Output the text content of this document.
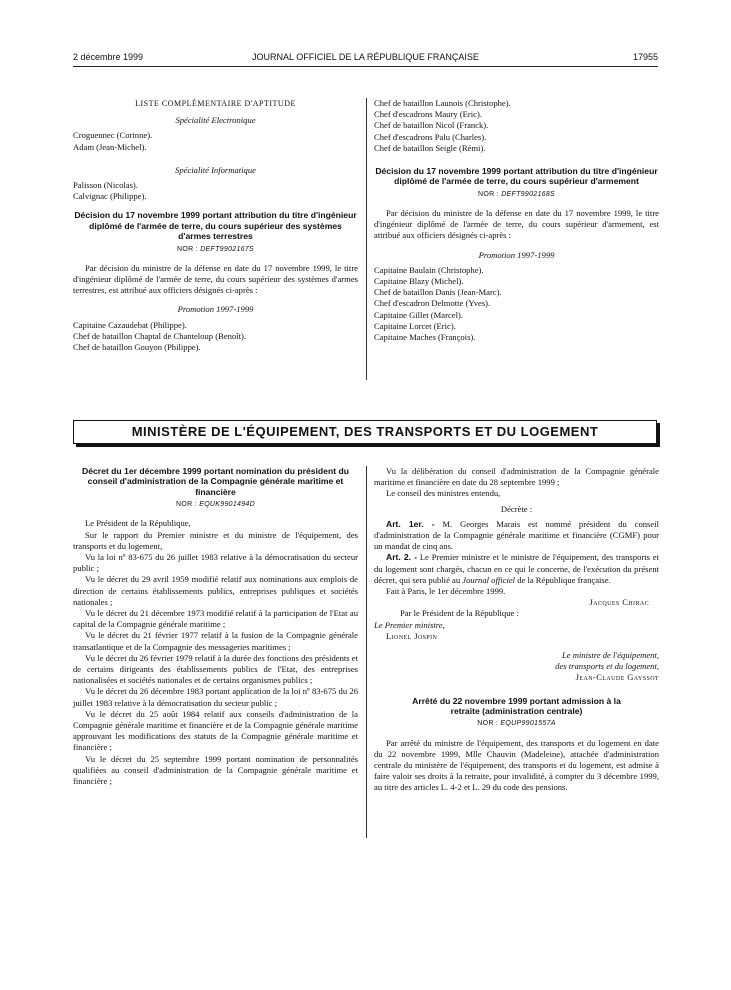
2 décembre 1999	JOURNAL OFFICIEL DE LA RÉPUBLIQUE FRANÇAISE	17955
LISTE COMPLÉMENTAIRE D'APTITUDE
Spécialité Electronique
Croguennec (Corinne).
Adam (Jean-Michel).
Spécialité Informatique
Palisson (Nicolas).
Calvignac (Philippe).
Décision du 17 novembre 1999 portant attribution du titre d'ingénieur diplômé de l'armée de terre, du cours supérieur des systèmes d'armes terrestres
NOR : DEFT9902167S

Par décision du ministre de la défense en date du 17 novembre 1999, le titre d'ingénieur diplômé de l'armée de terre, du cours supérieur des systèmes d'armes terrestres, est attribué aux officiers désignés ci-après :

Promotion 1997-1999
Capitaine Cazaudebat (Philippe).
Chef de bataillon Chaptal de Chanteloup (Benoît).
Chef de bataillon Gouyon (Philippe).
Chef de bataillon Launois (Christophe).
Chef d'escadrons Maury (Eric).
Chef de bataillon Nicol (Franck).
Chef d'escadrons Palu (Charles).
Chef de bataillon Seigle (Rémi).
Décision du 17 novembre 1999 portant attribution du titre d'ingénieur diplômé de l'armée de terre, du cours supérieur d'armement
NOR : DEFT9902168S

Par décision du ministre de la défense en date du 17 novembre 1999, le titre d'ingénieur diplômé de l'armée de terre, du cours supérieur d'armement, est attribué aux officiers désignés ci-après :

Promotion 1997-1999
Capitaine Baulain (Christophe).
Capitaine Blazy (Michel).
Chef de bataillon Danis (Jean-Marc).
Chef d'escadron Delmotte (Yves).
Capitaine Gillet (Marcel).
Capitaine Lorcet (Eric).
Capitaine Maches (François).
MINISTÈRE DE L'ÉQUIPEMENT, DES TRANSPORTS ET DU LOGEMENT
Décret du 1er décembre 1999 portant nomination du président du conseil d'administration de la Compagnie générale maritime et financière
NOR : EQUK9901494D

Le Président de la République,

Sur le rapport du Premier ministre et du ministre de l'équipement, des transports et du logement,

Vu la loi nº 83-675 du 26 juillet 1983 relative à la démocratisation du secteur public ;

Vu le décret du 29 avril 1959 modifié relatif aux nominations aux emplois de direction de certains établissements publics, entreprises publiques et sociétés nationales ;

Vu le décret du 21 décembre 1973 modifié relatif à la participation de l'Etat au capital de la Compagnie générale maritime ;

Vu le décret du 21 février 1977 relatif à la fusion de la Compagnie générale transatlantique et de la Compagnie des messageries maritimes ;

Vu le décret du 26 février 1979 relatif à la durée des fonctions des présidents et de certains dirigeants des établissements publics de l'Etat, des entreprises nationalisées et sociétés nationales et de certains organismes publics ;

Vu le décret du 26 décembre 1983 portant application de la loi nº 83-675 du 26 juillet 1983 relative à la démocratisation du secteur public ;

Vu le décret du 25 août 1984 relatif aux conseils d'administration de la Compagnie générale maritime et financière et de la Compagnie générale maritime approuvant les modifications des statuts de la Compagnie générale maritime et financière ;

Vu le décret du 25 septembre 1999 portant nomination de personnalités qualifiées au conseil d'administration de la Compagnie générale maritime et financière ;

Vu la délibération du conseil d'administration de la Compagnie générale maritime et financière en date du 28 septembre 1999 ;

Le conseil des ministres entendu,

Décrète :

Art. 1er. - M. Georges Marais est nommé président du conseil d'administration de la Compagnie générale maritime et financière (CGMF) pour un mandat de cinq ans.

Art. 2. - Le Premier ministre et le ministre de l'équipement, des transports et du logement sont chargés, chacun en ce qui le concerne, de l'exécution du présent décret, qui sera publié au Journal officiel de la République française.

Fait à Paris, le 1er décembre 1999.

Jacques Chirac
Par le Président de la République :
Le Premier ministre,
Lionel Jospin
Le ministre de l'équipement,
des transports et du logement,
Jean-Claude Gayssot
Arrêté du 22 novembre 1999 portant admission à la retraite (administration centrale)
NOR : EQUP9901557A

Par arrêté du ministre de l'équipement, des transports et du logement en date du 22 novembre 1999, Mlle Chauvin (Madeleine), attachée d'administration centrale du ministère de l'équipement, des transports et du logement, est admise à faire valoir ses droits à la retraite, pour invalidité, à compter du 3 décembre 1999, au titre des articles L. 4-2 et L. 29 du code des pensions.
